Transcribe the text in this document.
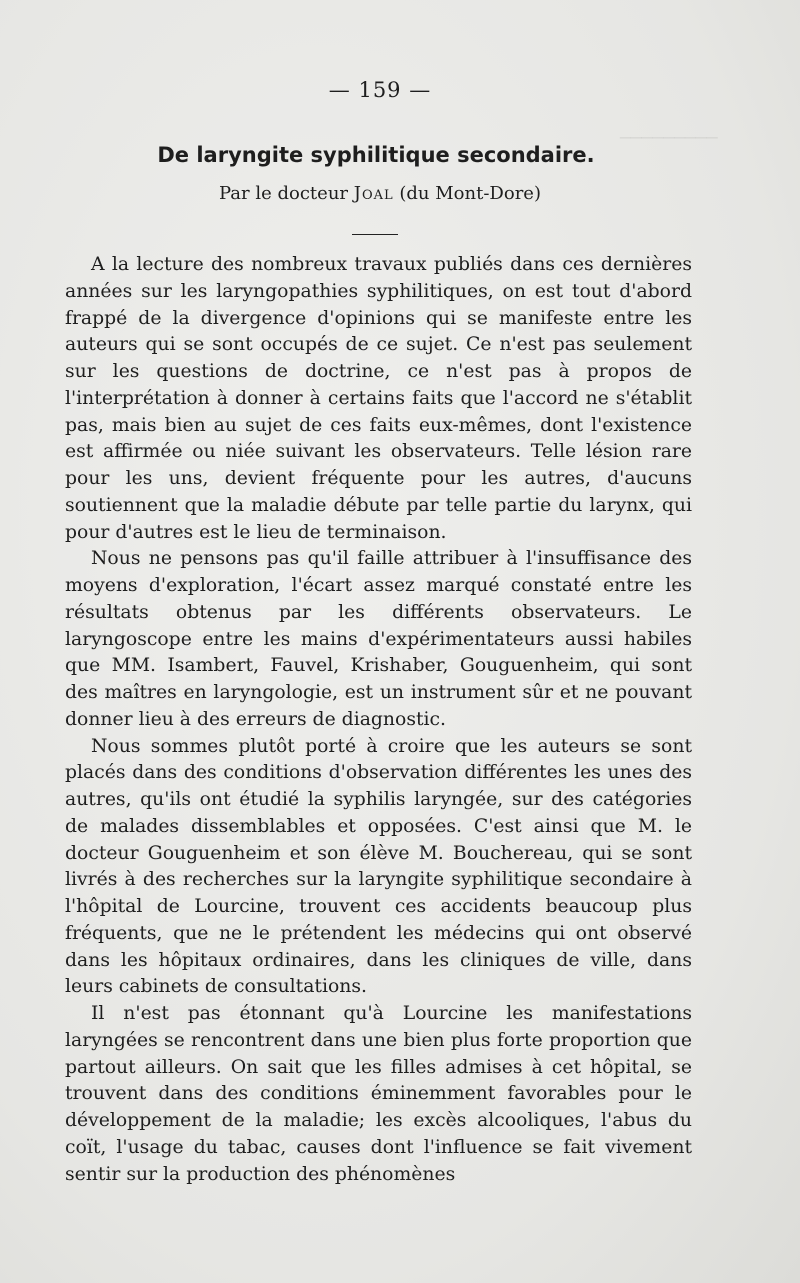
─────────
— 159 —
De laryngite syphilitique secondaire.
Par le docteur Joal (du Mont-Dore)

A la lecture des nombreux travaux publiés dans ces dernières années sur les laryngopathies syphilitiques, on est tout d'abord frappé de la divergence d'opinions qui se manifeste entre les auteurs qui se sont occupés de ce sujet. Ce n'est pas seulement sur les questions de doctrine, ce n'est pas à propos de l'interprétation à donner à certains faits que l'accord ne s'établit pas, mais bien au sujet de ces faits eux-mêmes, dont l'existence est affirmée ou niée suivant les observateurs. Telle lésion rare pour les uns, devient fréquente pour les autres, d'aucuns soutiennent que la maladie débute par telle partie du larynx, qui pour d'autres est le lieu de terminaison.

Nous ne pensons pas qu'il faille attribuer à l'insuffisance des moyens d'exploration, l'écart assez marqué constaté entre les résultats obtenus par les différents observateurs. Le laryngoscope entre les mains d'expérimentateurs aussi habiles que MM. Isambert, Fauvel, Krishaber, Gouguenheim, qui sont des maîtres en laryngologie, est un instrument sûr et ne pouvant donner lieu à des erreurs de diagnostic.

Nous sommes plutôt porté à croire que les auteurs se sont placés dans des conditions d'observation différentes les unes des autres, qu'ils ont étudié la syphilis laryngée, sur des catégories de malades dissemblables et opposées. C'est ainsi que M. le docteur Gouguenheim et son élève M. Bouchereau, qui se sont livrés à des recherches sur la laryngite syphilitique secondaire à l'hôpital de Lourcine, trouvent ces accidents beaucoup plus fréquents, que ne le prétendent les médecins qui ont observé dans les hôpitaux ordinaires, dans les cliniques de ville, dans leurs cabinets de consultations.

Il n'est pas étonnant qu'à Lourcine les manifestations laryngées se rencontrent dans une bien plus forte proportion que partout ailleurs. On sait que les filles admises à cet hôpital, se trouvent dans des conditions éminemment favorables pour le développement de la maladie; les excès alcooliques, l'abus du coït, l'usage du tabac, causes dont l'influence se fait vivement sentir sur la production des phénomènes
